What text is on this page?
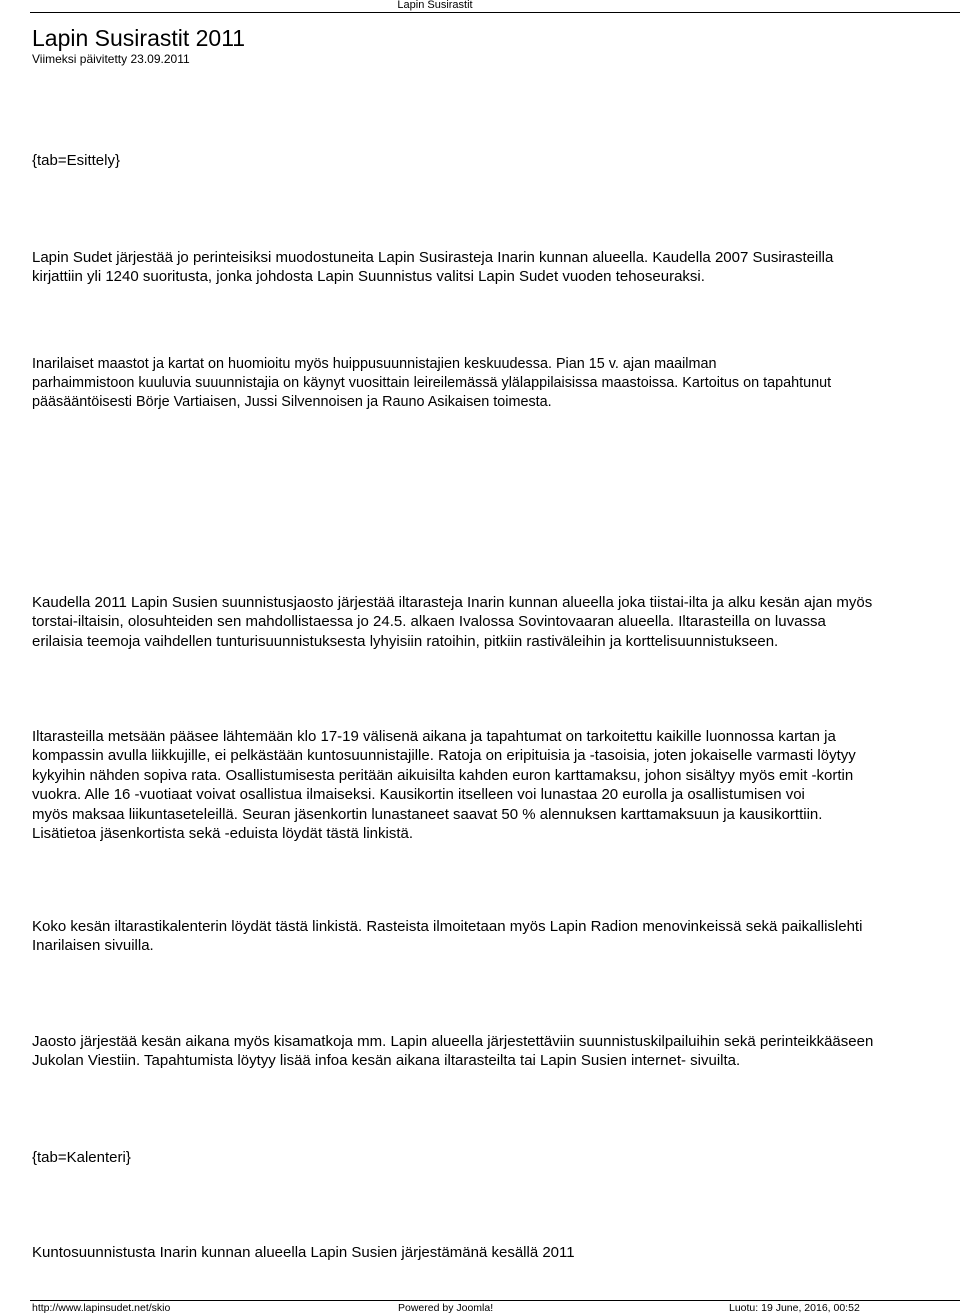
Lapin Susirastit
Lapin Susirastit 2011
Viimeksi päivitetty 23.09.2011

{tab=Esittely}

Lapin Sudet järjestää jo perinteisiksi muodostuneita Lapin Susirasteja Inarin kunnan alueella. Kaudella 2007 Susirasteilla
kirjattiin yli 1240 suoritusta, jonka johdosta Lapin Suunnistus valitsi Lapin Sudet vuoden tehoseuraksi.

Inarilaiset maastot ja kartat on huomioitu myös huippusuunnistajien keskuudessa. Pian 15 v. ajan maailman
parhaimmistoon kuuluvia suuunnistajia on käynyt vuosittain leireilemässä ylälappilaisissa maastoissa. Kartoitus on tapahtunut
pääsääntöisesti Börje Vartiaisen, Jussi Silvennoisen ja Rauno Asikaisen toimesta.

Kaudella 2011 Lapin Susien suunnistusjaosto järjestää iltarasteja Inarin kunnan alueella joka tiistai-ilta ja alku kesän ajan myös
torstai-iltaisin, olosuhteiden sen mahdollistaessa jo 24.5. alkaen Ivalossa Sovintovaaran alueella. Iltarasteilla on luvassa
erilaisia teemoja vaihdellen tunturisuunnistuksesta lyhyisiin ratoihin, pitkiin rastiväleihin ja korttelisuunnistukseen.

Iltarasteilla metsään pääsee lähtemään klo 17-19 välisenä aikana ja tapahtumat on tarkoitettu kaikille luonnossa kartan ja
kompassin avulla liikkujille, ei pelkästään kuntosuunnistajille. Ratoja on eripituisia ja -tasoisia, joten jokaiselle varmasti löytyy
kykyihin nähden sopiva rata. Osallistumisesta peritään aikuisilta kahden euron karttamaksu, johon sisältyy myös emit -kortin
vuokra. Alle 16 -vuotiaat voivat osallistua ilmaiseksi. Kausikortin itselleen voi lunastaa 20 eurolla ja osallistumisen voi
myös maksaa liikuntaseteleillä. Seuran jäsenkortin lunastaneet saavat 50 % alennuksen karttamaksuun ja kausikorttiin.
Lisätietoa jäsenkortista sekä -eduista löydät tästä linkistä.

Koko kesän iltarastikalenterin löydät tästä linkistä. Rasteista ilmoitetaan myös Lapin Radion menovinkeissä sekä paikallislehti
Inarilaisen sivuilla.

Jaosto järjestää kesän aikana myös kisamatkoja mm. Lapin alueella järjestettäviin suunnistuskilpailuihin sekä perinteikkääseen
Jukolan Viestiin. Tapahtumista löytyy lisää infoa kesän aikana iltarasteilta tai Lapin Susien internet- sivuilta.

{tab=Kalenteri}

Kuntosuunnistusta Inarin kunnan alueella Lapin Susien järjestämänä kesällä 2011

http://www.lapinsudet.net/skio	Powered by Joomla!	Luotu: 19 June, 2016, 00:52
